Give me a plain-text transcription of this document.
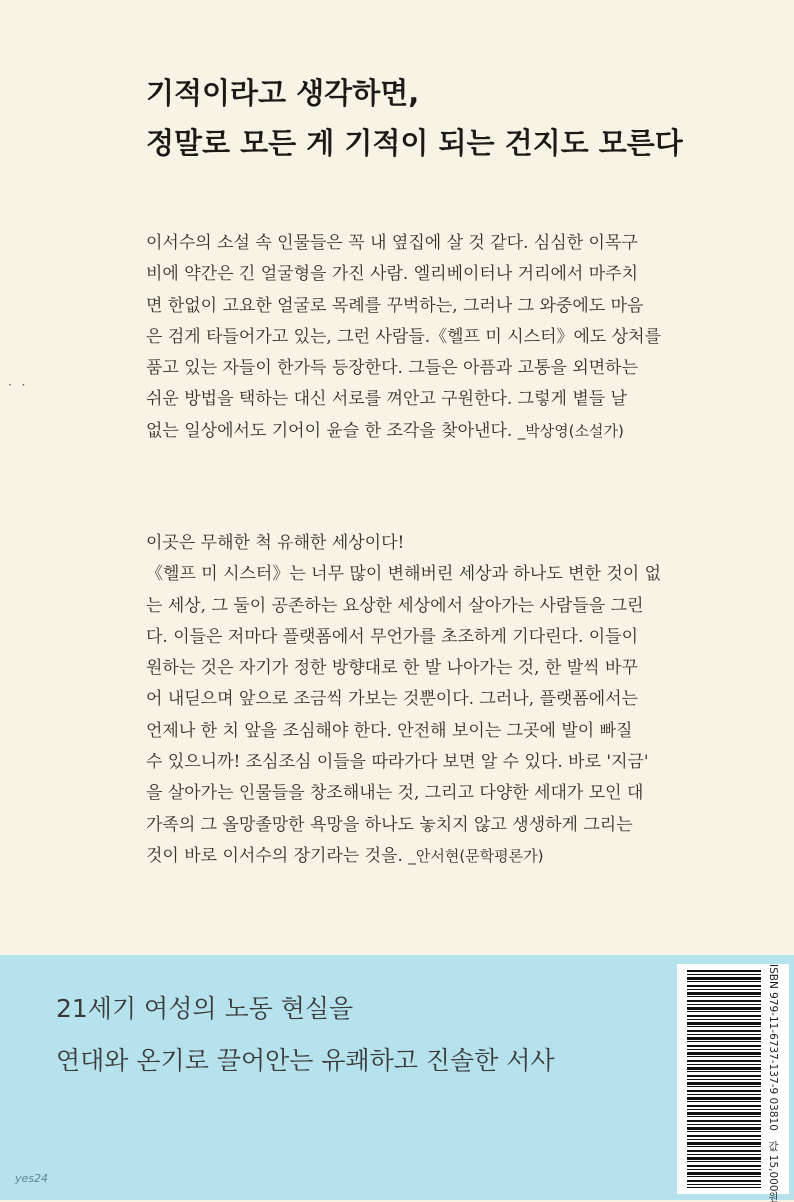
기적이라고 생각하면,
정말로 모든 게 기적이 되는 건지도 모른다
· ·
이서수의 소설 속 인물들은 꼭 내 옆집에 살 것 같다. 심심한 이목구
비에 약간은 긴 얼굴형을 가진 사람. 엘리베이터나 거리에서 마주치
면 한없이 고요한 얼굴로 목례를 꾸벅하는, 그러나 그 와중에도 마음
은 검게 타들어가고 있는, 그런 사람들.《헬프 미 시스터》에도 상처를
품고 있는 자들이 한가득 등장한다. 그들은 아픔과 고통을 외면하는
쉬운 방법을 택하는 대신 서로를 껴안고 구원한다. 그렇게 볕들 날
없는 일상에서도 기어이 윤슬 한 조각을 찾아낸다. _박상영(소설가)
이곳은 무해한 척 유해한 세상이다!
《헬프 미 시스터》는 너무 많이 변해버린 세상과 하나도 변한 것이 없
는 세상, 그 둘이 공존하는 요상한 세상에서 살아가는 사람들을 그린
다. 이들은 저마다 플랫폼에서 무언가를 초조하게 기다린다. 이들이
원하는 것은 자기가 정한 방향대로 한 발 나아가는 것, 한 발씩 바꾸
어 내딛으며 앞으로 조금씩 가보는 것뿐이다. 그러나, 플랫폼에서는
언제나 한 치 앞을 조심해야 한다. 안전해 보이는 그곳에 발이 빠질
수 있으니까! 조심조심 이들을 따라가다 보면 알 수 있다. 바로 '지금'
을 살아가는 인물들을 창조해내는 것, 그리고 다양한 세대가 모인 대
가족의 그 올망졸망한 욕망을 하나도 놓치지 않고 생생하게 그리는
것이 바로 이서수의 장기라는 것을. _안서현(문학평론가)
21세기 여성의 노동 현실을
연대와 온기로 끌어안는 유쾌하고 진솔한 서사
yes24
ISBN 979-11-6737-137-9 03810   값 15,000원
